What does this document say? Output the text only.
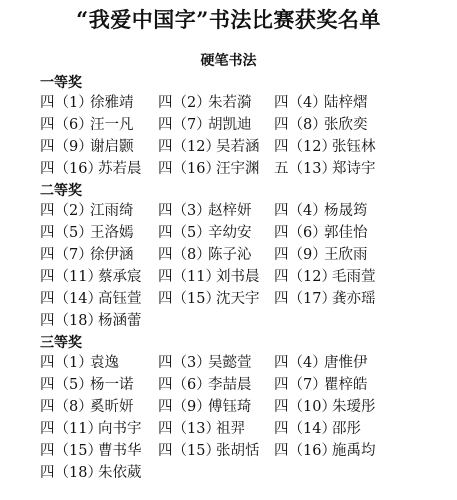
“我爱中国字”书法比赛获奖名单
硬笔书法
一等奖
四（1）徐雅靖 四（2）朱若漪 四（4）陆梓熠
四（6）汪一凡 四（7）胡凯迪 四（8）张欣奕
四（9）谢启颢 四（12）吴若涵 四（12）张钰林
四（16）苏若晨 四（16）汪宇渊 五（13）郑诗宇
二等奖
四（2）江雨绮 四（3）赵梓妍 四（4）杨晟筠
四（5）王洛嫣 四（5）辛幼安 四（6）郭佳怡
四（7）徐伊涵 四（8）陈子沁 四（9）王欣雨
四（11）蔡承宸 四（11）刘书晨 四（12）毛雨萱
四（14）高钰萱 四（15）沈天宇 四（17）龚亦瑶
四（18）杨涵蕾
三等奖
四（1）袁逸	四（3）吴懿萱 四（4）唐惟伊
四（5）杨一诺 四（6）李喆晨 四（7）瞿梓皓
四（8）奚昕妍 四（9）傅钰琦 四（10）朱瑷彤
四（11）向书宇 四（13）祖羿 四（14）邵彤
四（15）曹书华 四（15）张胡恬 四（16）施禹均
四（18）朱依葳
